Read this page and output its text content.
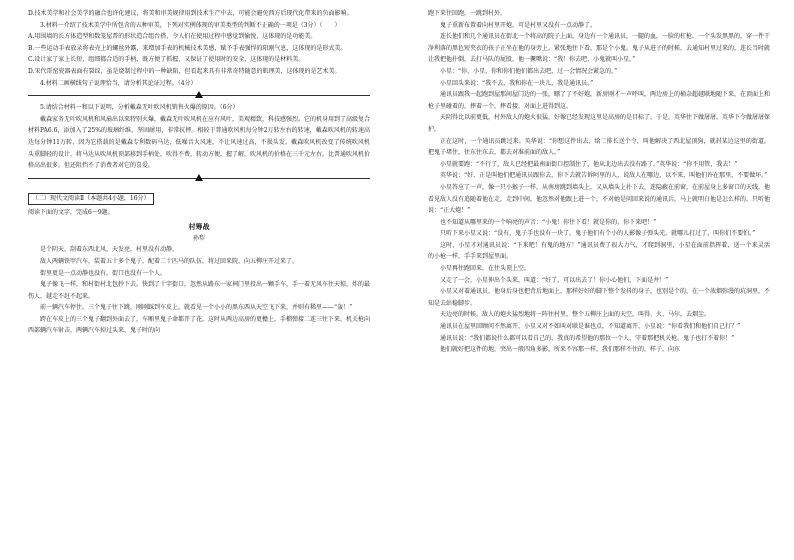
D.技术美学和社会美学的融合也许化建议，将美和审美规律用到技术生产中去，可能会避免西方后现代化带来的负面影响。

3.材料一介绍了技术美学中所包含的五种审美，下列对实例体现的审美类型的判断不正确的一项是（3分）（　　）

A.用围墙的长方体造型和数笼屋普的形状造合组台搭，令人们在使用过程中感觉到愉悦，这体现的是功能美。

B.一些运动手表放录将表壳上的螺丝外露，来增加手表的机械技术美感，赋予手表强悍的阳刚气息，这体现的是形式美。

C.设计家了家上长短、组细都合适的手柄，既方便了抓握，又保证了使用时的安全，这体现的是材料美。

D.宋代哥窑瓷器表面有裂纹，虽是烧制过程中的一种缺陷，但看起来具有非常奇特随意的肌理美，这体现的是艺术美。

4.材料二画横线句子说理恰当，请分析其论证过程。（4分）

5.请结合材料一和以下说明，分析戴森无叶吹风机销售火爆的原因。（6分）

戴森家务无叶吹风机和风扇出以来特别火爆，戴森无叶吹风机在应有风叶，美观精致，科技感强烈。它的机身用到了高级复合材料PA6.6，添加入了25%的玻璃纤维，坚固耐用，非常抗摔。相较于普通吹风机每分钟2万转左右的转速，戴森吹风机的转速高达每分钟11万转，因为它搭载的是戴森专利数码马达，低噪音大风速，不让风速过高，不损头发。戴森吹风机改变了传统吹风机头重脚轻的设计，将马达从吹风机顶部移到手柄处，吹得不费，转动方便，握了解，吹风机的价格在三千元左右，比普通吹风机价格高出很多。但还阻挡不了消费者对它的喜爱。

（二）现代文阅读Ⅱ（本题共4小题，16分）

阅读下面的文字，完成6～9题。

村筹战

孙犁

是个阴天，刮着东西北风，天发亮，村里没有动静。

敌人两辆铁甲汽车，装着五十多个鬼子，配着二十匹马的队伍，将过回来院，向五柳庄开过来了。

街里更是一点动静也没有，街口也没有一个人。

鬼子像飞一样，和村街村北包抄下去。快到了十字街口，忽然从路东一家祠门里投出一颗手车，手一着无风车往天掠。炸的最伤人，越走不赶不起来。

前一辆汽车停住。三个鬼子往下跳，刚刚踩到车皮上，就看见一个小小的黑东西从天空飞下来，并则有稀里——“轰！”

跨在车皮上的三个鬼子翻到外面去了，车厢里鬼子命都开了花，这时从两边高房的更檐上，手榴弹接二连三往下来。机关枪向西部辆汽车射击，两辆汽车掉过头来，鬼子时的向

跑下来往回跑，一跳到村外。

鬼子重新布置着向村里开炮，可是村里又没有一点动静了。

连长他们和几个通讯员在街北一个将高的院子上面，身边有一个通讯员，一腿的血，一脸的杠枪。一个头发黑黑的，穿一件干净利落的黑色短夹衣的孩子正坐在他的身旁上。紧张地往下看，那是个小鬼。鬼子从进子的时候，去通知村里过来的，连长当时就让我把他扑倒，去打马队的屁股，他一撅嘴说：“我！你去吧，小鬼就叫小星。”

小星：“你，小星，你和你们他们都出去吧，过一会情况会紧急的。”

小星回头来说：“我不去，我和你在一块儿，我是通讯员。”

通讯员跟我一起跑到屋那间屋门边的一张，瞟了了不好炮，新房刚才一声呼叫，两边房上的桶杂超越联地随下来，在顶面上和枪子里碰着的，摔着一个，摔看接，对面上进得到这。

天阴得比以前更低，村外敌人的炮火很猛，好像已经发现这里是高房的是目标了。于是，英华往下做屠屠，英华下令做屠屠保护。

正在这时，一个通讯员跳过来。英华说：“你想这件出去，给二排长送个令，叫他解决了西北屋顶狗，就封某边这里的街道，把鬼子堵住，往东往东去，都去对准前面的敌人。”

小星就要跑：“不行了，敌人已经把最南面街口控制住了，他从北边出去没有路了。”英华说：“你不用管，我去！”

英华说：“好，正是叫他们把通讯员跟你去，你下去就告诉阿里的人，说敌人在哪边，以不来，叫他们许在那里，不要做坏。”

小星答应了一声，像一只小猴子一样，从南房跳到墙头上，又从墙头上扑下去，连隐蔽在前窗，在前屋身上多窗口的天线，他看见敌人没有追随着他在走，走到中间，他忽然对他跟上进一个，不对她是问回来说的通讯兵，马上就明白他是怎么样的，只听他说：“正大炮！”

也不知道从哪里来的一个响亮的声音：“小鬼！你往下看！就是你的，你下来吧！”

只听下来小星又说：“没有，鬼子手也没有一块了。鬼子他们有个小的人影像子弹头光，就哪儿打过了，叫你们不要怕。”

这时，小星才对通讯员说：“下来吧！有鬼的地方！”通讯员费了很大力气，才爬到洞里，小星在面前指挥着，送一个来灵活的小枪一样，手手来到屋里面。

小星再往跑回来，在往头顶上空。

又走了一会，小星伸出个头来，叫道：“好了，可以出去了！你小心他们，下面是井！”

小星又对着通讯员，他身后身也把背后地面上，那样好好的脚下整个发抖的身子，也别是个的，在一个浓烟弥漫的坑洞里，不知是去站稳脚步。

天边亮的时候，敌人的炮火猛烈地将一阵往村里，整个五柳庄上面的天空，叫得、火、马尔，去烟尘。

通讯员在屋里回顾问不然离开，小星又对不如叫对联是谁也点，不知道离开，小星说：“你看我们和他们自己打？”

通讯员说：“我们都说什么都可以看自己的，我真的希望他的那位一个人，守着那把机关枪。鬼子也打不着你！”

他们就好把这件的地，突出一般四角多影，所来不容那一样，我们那样不住的，样子，向东
